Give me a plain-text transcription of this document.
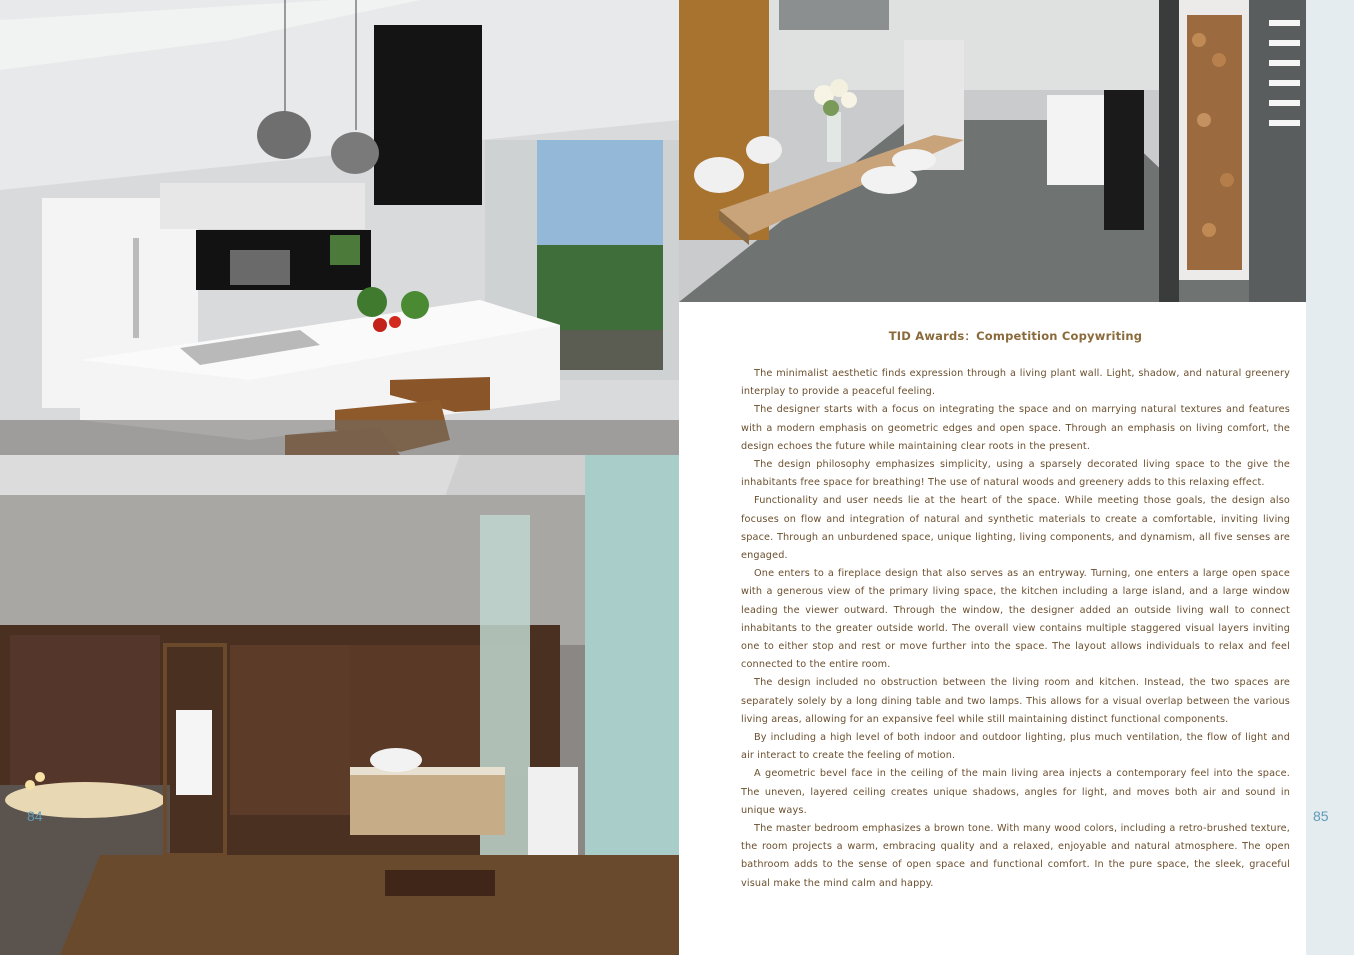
TID Awards：Competition Copywriting

The minimalist aesthetic finds expression through a living plant wall. Light, shadow, and natural greenery interplay to provide a peaceful feeling.

The designer starts with a focus on integrating the space and on marrying natural textures and features with a modern emphasis on geometric edges and open space. Through an emphasis on living comfort, the design echoes the future while maintaining clear roots in the present.

The design philosophy emphasizes simplicity, using a sparsely decorated living space to the give the inhabitants free space for breathing! The use of natural woods and greenery adds to this relaxing effect.

Functionality and user needs lie at the heart of the space. While meeting those goals, the design also focuses on flow and integration of natural and synthetic materials to create a comfortable, inviting living space. Through an unburdened space, unique lighting, living components, and dynamism, all five senses are engaged.

One enters to a fireplace design that also serves as an entryway. Turning, one enters a large open space with a generous view of the primary living space, the kitchen including a large island, and a large window leading the viewer outward. Through the window, the designer added an outside living wall to connect inhabitants to the greater outside world. The overall view contains multiple staggered visual layers inviting one to either stop and rest or move further into the space. The layout allows individuals to relax and feel connected to the entire room.

The design included no obstruction between the living room and kitchen. Instead, the two spaces are separately solely by a long dining table and two lamps. This allows for a visual overlap between the various living areas, allowing for an expansive feel while still maintaining distinct functional components.

By including a high level of both indoor and outdoor lighting, plus much ventilation, the flow of light and air interact to create the feeling of motion.

A geometric bevel face in the ceiling of the main living area injects a contemporary feel into the space. The uneven, layered ceiling creates unique shadows, angles for light, and moves both air and sound in unique ways.

The master bedroom emphasizes a brown tone. With many wood colors, including a retro-brushed texture, the room projects a warm, embracing quality and a relaxed, enjoyable and natural atmosphere. The open bathroom adds to the sense of open space and functional comfort. In the pure space, the sleek, graceful visual make the mind calm and happy.

84	85
